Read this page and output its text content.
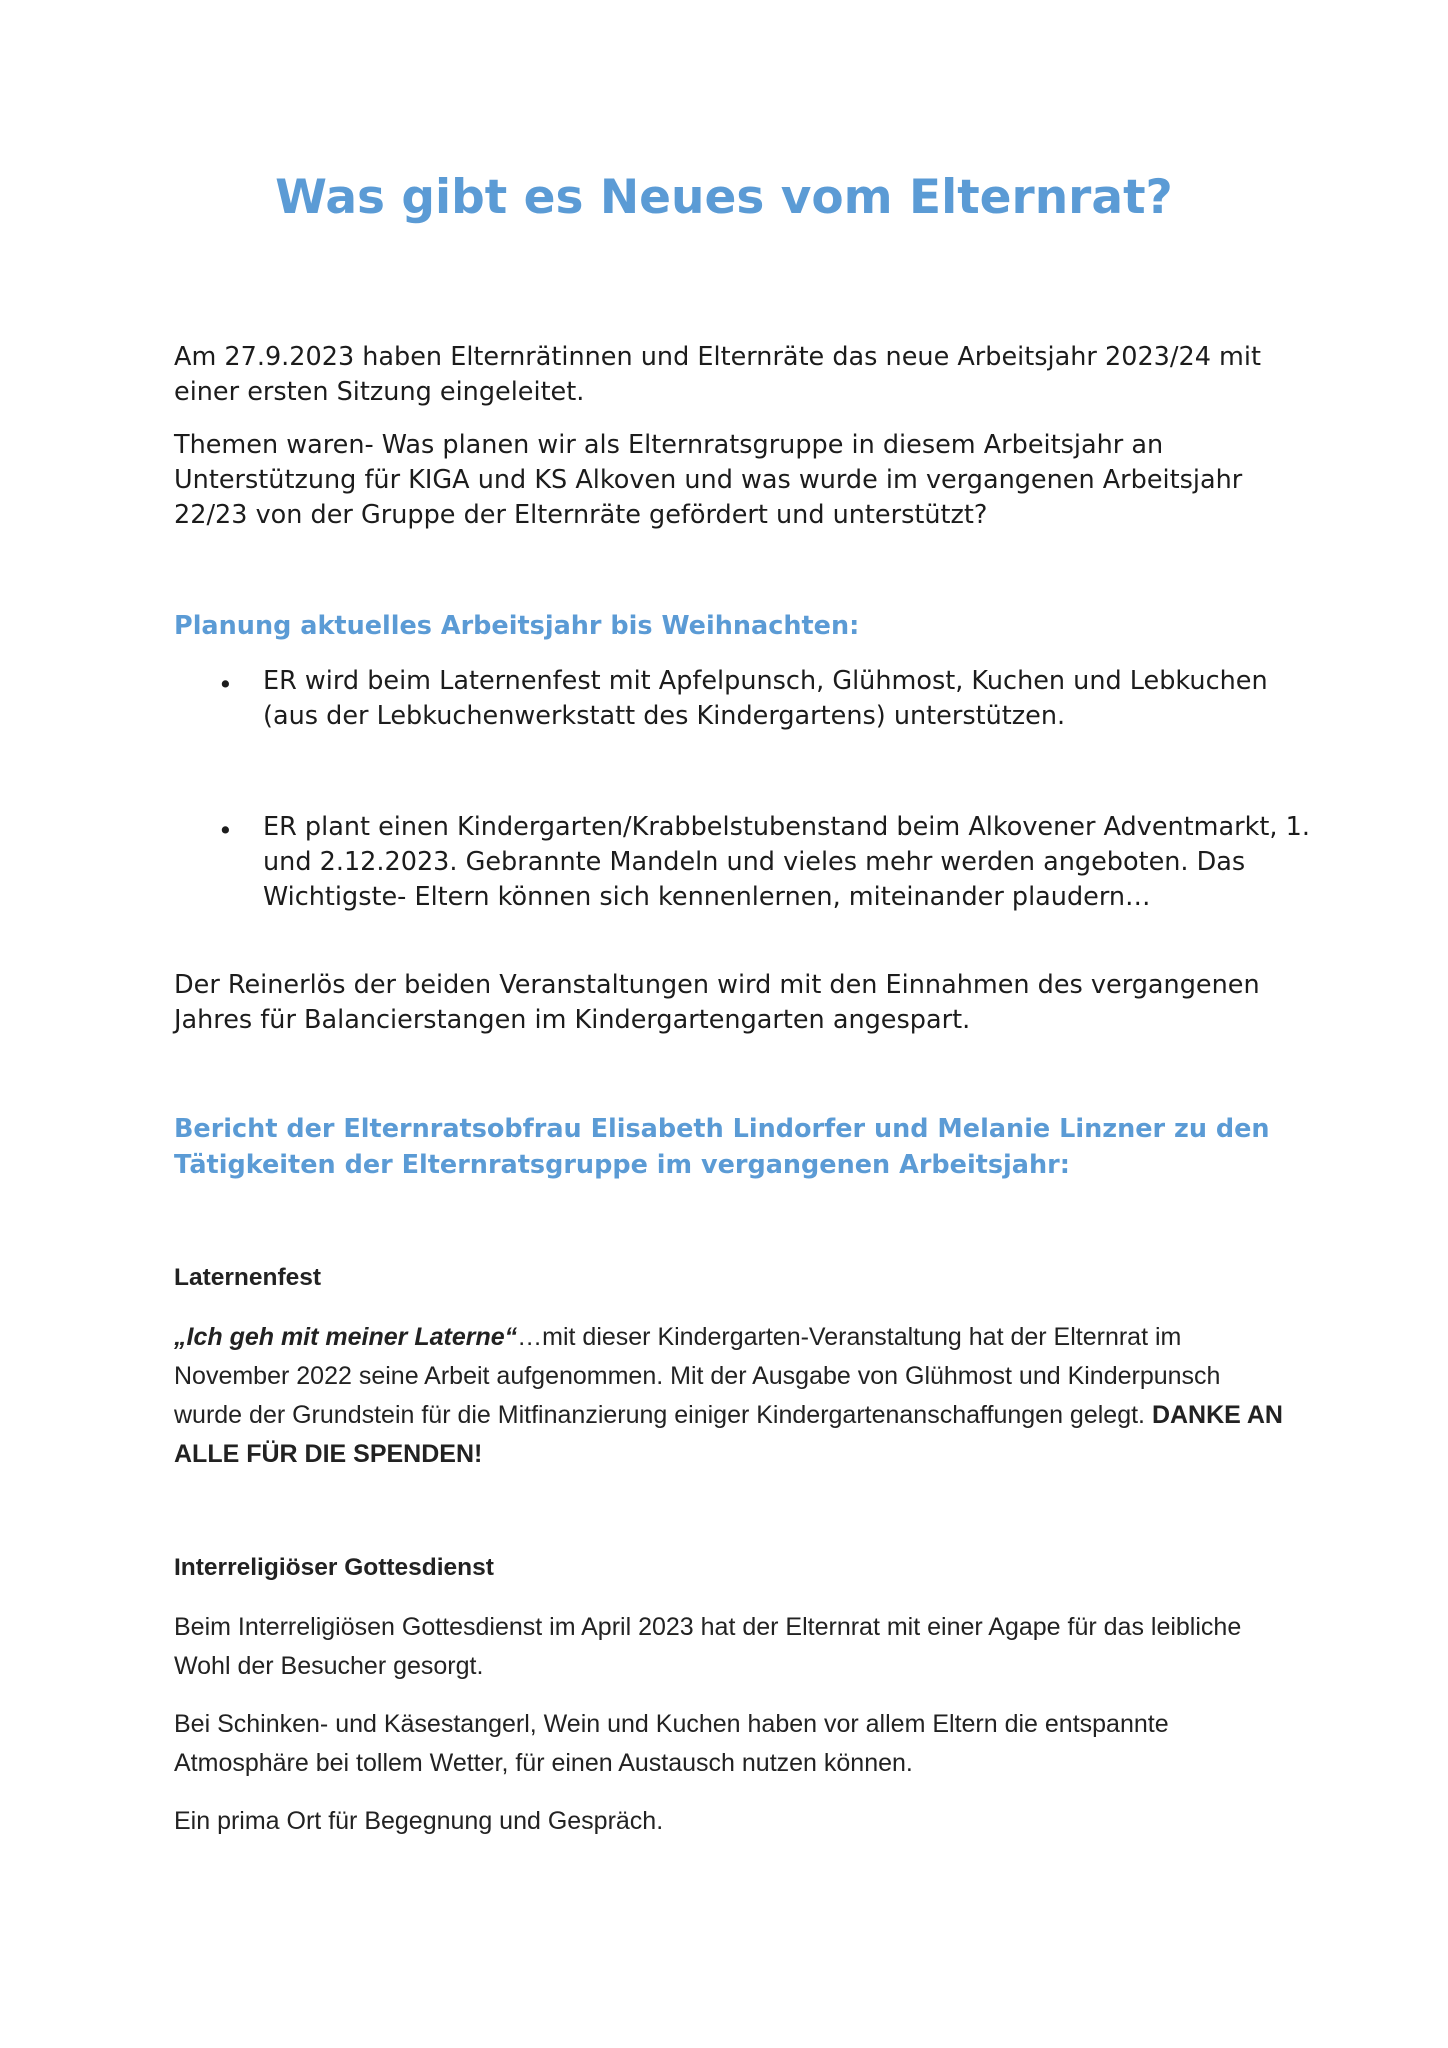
Was gibt es Neues vom Elternrat?

Am 27.9.2023 haben Elternrätinnen und Elternräte das neue Arbeitsjahr 2023/24 mit einer ersten Sitzung eingeleitet.

Themen waren- Was planen wir als Elternratsgruppe in diesem Arbeitsjahr an Unterstützung für KIGA und KS Alkoven und was wurde im vergangenen Arbeitsjahr 22/23 von der Gruppe der Elternräte gefördert und unterstützt?

Planung aktuelles Arbeitsjahr bis Weihnachten:
• ER wird beim Laternenfest mit Apfelpunsch, Glühmost, Kuchen und Lebkuchen (aus der Lebkuchenwerkstatt des Kindergartens) unterstützen.

• ER plant einen Kindergarten/Krabbelstubenstand beim Alkovener Adventmarkt, 1. und 2.12.2023. Gebrannte Mandeln und vieles mehr werden angeboten. Das Wichtigste- Eltern können sich kennenlernen, miteinander plaudern…

Der Reinerlös der beiden Veranstaltungen wird mit den Einnahmen des vergangenen Jahres für Balancierstangen im Kindergartengarten angespart.

Bericht der Elternratsobfrau Elisabeth Lindorfer und Melanie Linzner zu den Tätigkeiten der Elternratsgruppe im vergangenen Arbeitsjahr:
Laternenfest

„Ich geh mit meiner Laterne“…mit dieser Kindergarten-Veranstaltung hat der Elternrat im November 2022 seine Arbeit aufgenommen. Mit der Ausgabe von Glühmost und Kinderpunsch wurde der Grundstein für die Mitfinanzierung einiger Kindergartenanschaffungen gelegt. DANKE AN ALLE FÜR DIE SPENDEN!

Interreligiöser Gottesdienst

Beim Interreligiösen Gottesdienst im April 2023 hat der Elternrat mit einer Agape für das leibliche Wohl der Besucher gesorgt.

Bei Schinken- und Käsestangerl, Wein und Kuchen haben vor allem Eltern die entspannte Atmosphäre bei tollem Wetter, für einen Austausch nutzen können.

Ein prima Ort für Begegnung und Gespräch.
